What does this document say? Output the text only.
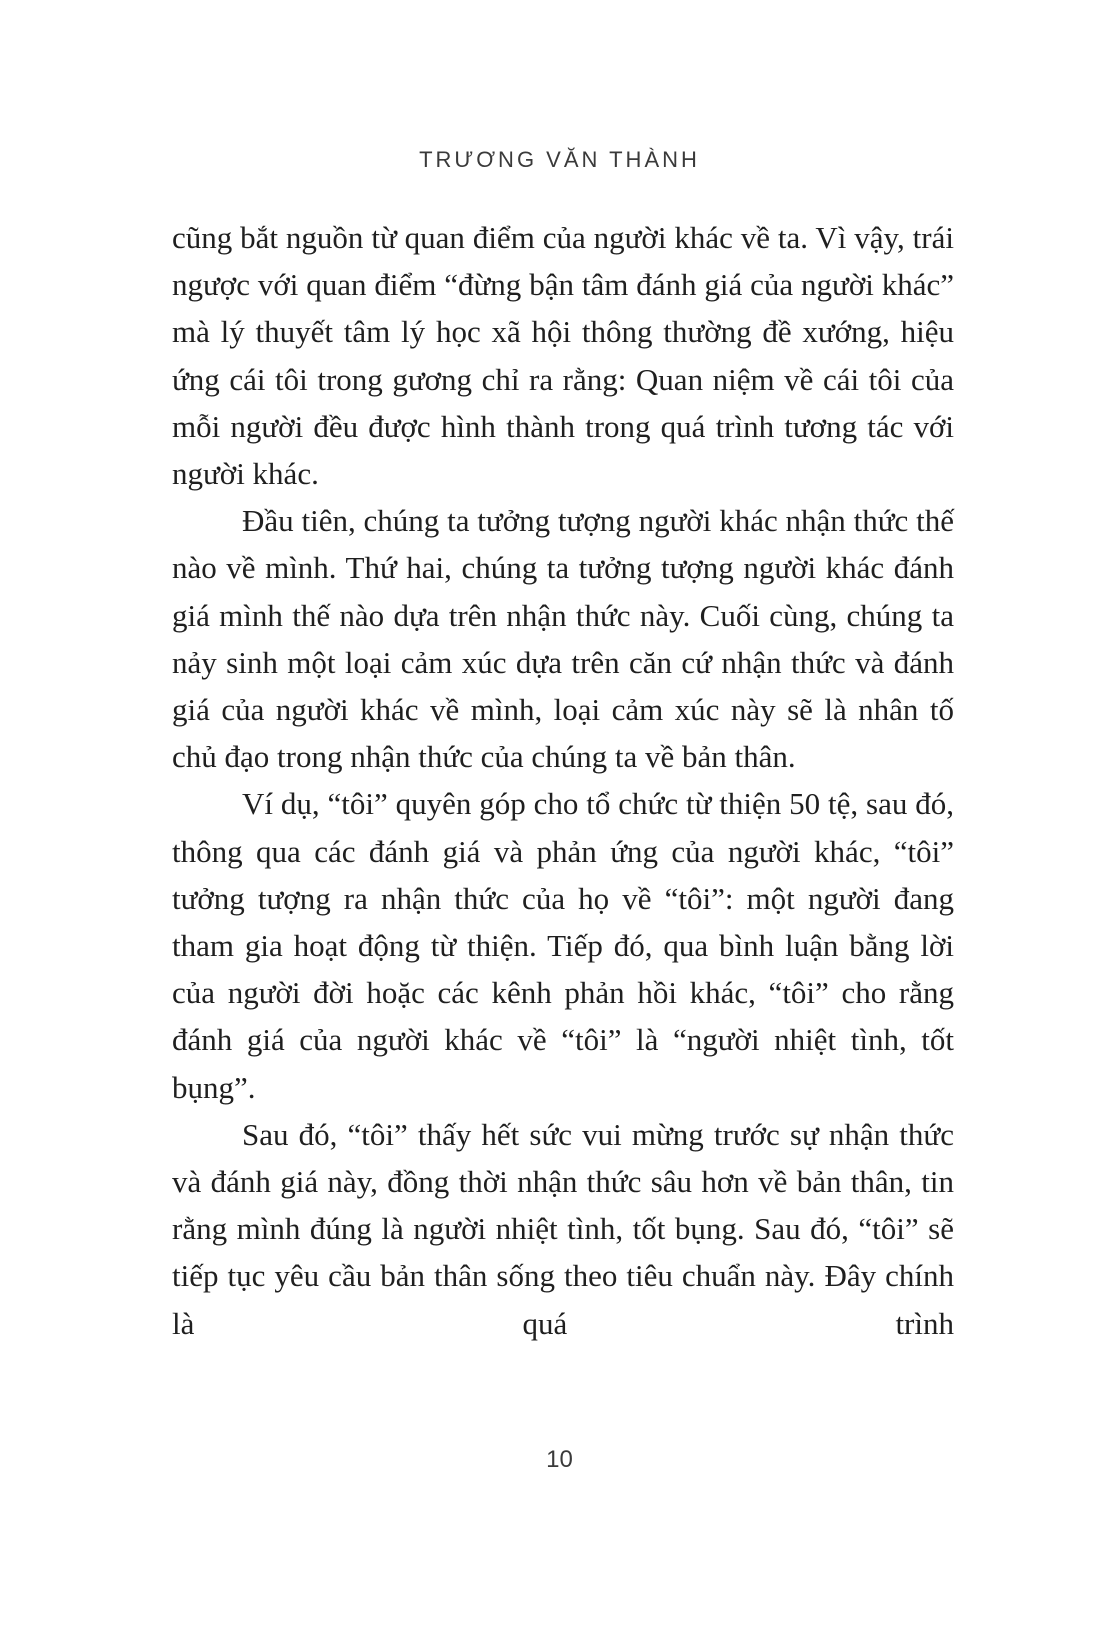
TRƯƠNG VĂN THÀNH

cũng bắt nguồn từ quan điểm của người khác về ta. Vì vậy, trái ngược với quan điểm “đừng bận tâm đánh giá của người khác” mà lý thuyết tâm lý học xã hội thông thường đề xướng, hiệu ứng cái tôi trong gương chỉ ra rằng: Quan niệm về cái tôi của mỗi người đều được hình thành trong quá trình tương tác với người khác.

Đầu tiên, chúng ta tưởng tượng người khác nhận thức thế nào về mình. Thứ hai, chúng ta tưởng tượng người khác đánh giá mình thế nào dựa trên nhận thức này. Cuối cùng, chúng ta nảy sinh một loại cảm xúc dựa trên căn cứ nhận thức và đánh giá của người khác về mình, loại cảm xúc này sẽ là nhân tố chủ đạo trong nhận thức của chúng ta về bản thân.

Ví dụ, “tôi” quyên góp cho tổ chức từ thiện 50 tệ, sau đó, thông qua các đánh giá và phản ứng của người khác, “tôi” tưởng tượng ra nhận thức của họ về “tôi”: một người đang tham gia hoạt động từ thiện. Tiếp đó, qua bình luận bằng lời của người đời hoặc các kênh phản hồi khác, “tôi” cho rằng đánh giá của người khác về “tôi” là “người nhiệt tình, tốt bụng”.

Sau đó, “tôi” thấy hết sức vui mừng trước sự nhận thức và đánh giá này, đồng thời nhận thức sâu hơn về bản thân, tin rằng mình đúng là người nhiệt tình, tốt bụng. Sau đó, “tôi” sẽ tiếp tục yêu cầu bản thân sống theo tiêu chuẩn này. Đây chính là quá trình

10
